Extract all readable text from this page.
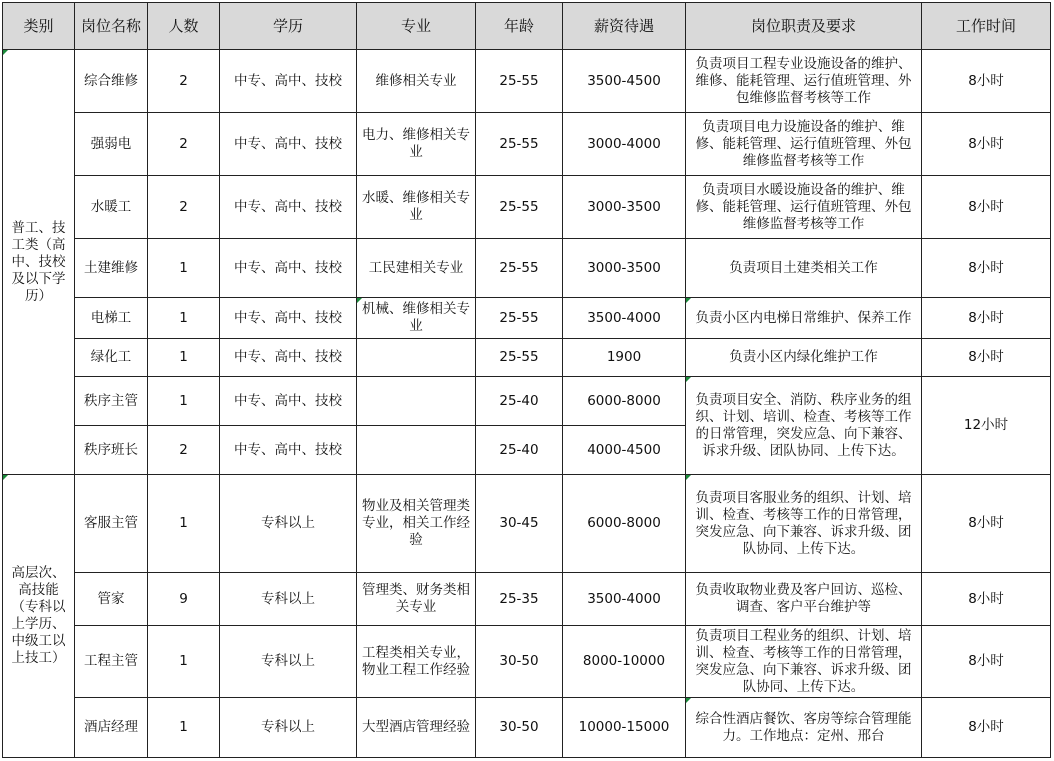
类别	岗位名称	人数	学历	专业	年龄	薪资待遇	岗位职责及要求	工作时间
普工、技工类（高中、技校及以下学历）	综合维修	2	中专、高中、技校	维修相关专业	25-55	3500-4500	负责项目工程专业设施设备的维护、维修、能耗管理、运行值班管理、外包维修监督考核等工作	8小时
	强弱电	2	中专、高中、技校	电力、维修相关专业	25-55	3000-4000	负责项目电力设施设备的维护、维修、能耗管理、运行值班管理、外包维修监督考核等工作	8小时
	水暖工	2	中专、高中、技校	水暖、维修相关专业	25-55	3000-3500	负责项目水暖设施设备的维护、维修、能耗管理、运行值班管理、外包维修监督考核等工作	8小时
	土建维修	1	中专、高中、技校	工民建相关专业	25-55	3000-3500	负责项目土建类相关工作	8小时
	电梯工	1	中专、高中、技校	机械、维修相关专业	25-55	3500-4000	负责小区内电梯日常维护、保养工作	8小时
	绿化工	1	中专、高中、技校		25-55	1900	负责小区内绿化维护工作	8小时
	秩序主管	1	中专、高中、技校		25-40	6000-8000	负责项目安全、消防、秩序业务的组织、计划、培训、检查、考核等工作的日常管理，突发应急、向下兼容、诉求升级、团队协同、上传下达。	12小时
	秩序班长	2	中专、高中、技校		25-40	4000-4500		
高层次、高技能（专科以上学历、中级工以上技工）	客服主管	1	专科以上	物业及相关管理类专业，相关工作经验	30-45	6000-8000	负责项目客服业务的组织、计划、培训、检查、考核等工作的日常管理，突发应急、向下兼容、诉求升级、团队协同、上传下达。	8小时
	管家	9	专科以上	管理类、财务类相关专业	25-35	3500-4000	负责收取物业费及客户回访、巡检、调查、客户平台维护等	8小时
	工程主管	1	专科以上	工程类相关专业，物业工程工作经验	30-50	8000-10000	负责项目工程业务的组织、计划、培训、检查、考核等工作的日常管理，突发应急、向下兼容、诉求升级、团队协同、上传下达。	8小时
	酒店经理	1	专科以上	大型酒店管理经验	30-50	10000-15000	综合性酒店餐饮、客房等综合管理能力。工作地点：定州、邢台	8小时
